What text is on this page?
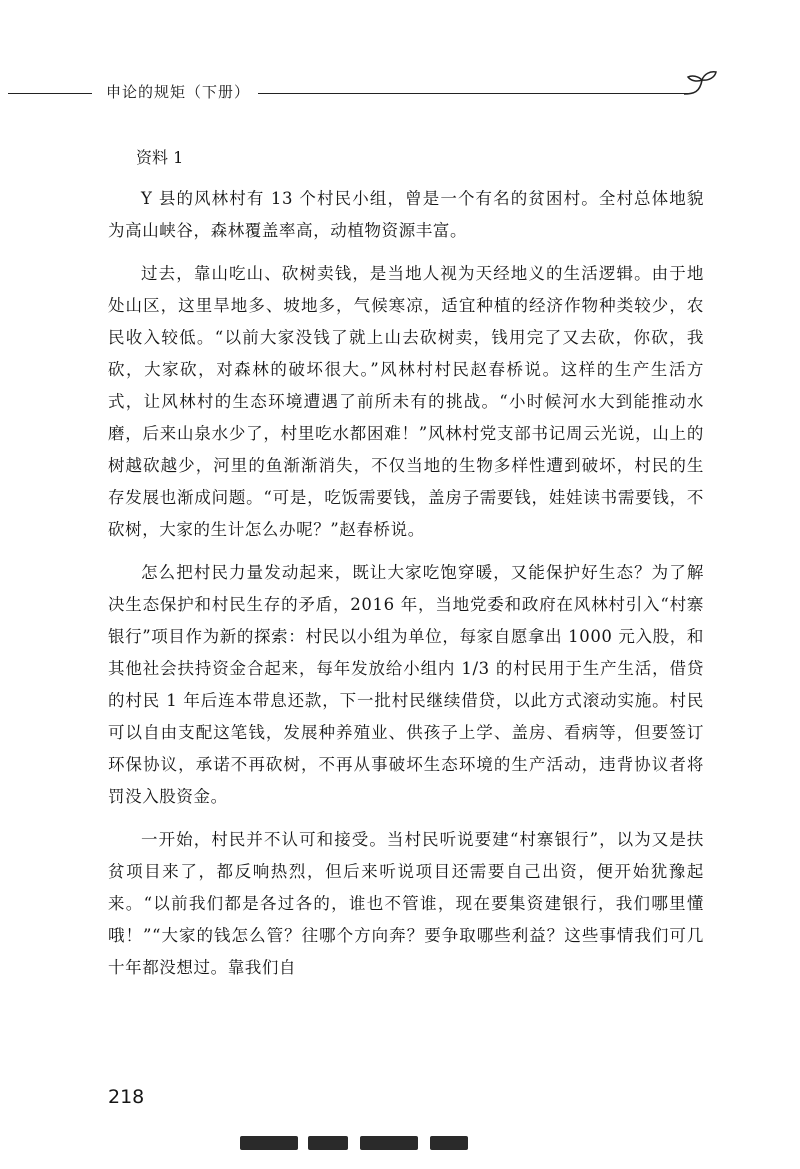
申论的规矩（下册）
资料 1

Y 县的风林村有 13 个村民小组，曾是一个有名的贫困村。全村总体地貌为高山峡谷，森林覆盖率高，动植物资源丰富。

过去，靠山吃山、砍树卖钱，是当地人视为天经地义的生活逻辑。由于地处山区，这里旱地多、坡地多，气候寒凉，适宜种植的经济作物种类较少，农民收入较低。“以前大家没钱了就上山去砍树卖，钱用完了又去砍，你砍，我砍，大家砍，对森林的破坏很大。”风林村村民赵春桥说。这样的生产生活方式，让风林村的生态环境遭遇了前所未有的挑战。“小时候河水大到能推动水磨，后来山泉水少了，村里吃水都困难！”风林村党支部书记周云光说，山上的树越砍越少，河里的鱼渐渐消失，不仅当地的生物多样性遭到破坏，村民的生存发展也渐成问题。“可是，吃饭需要钱，盖房子需要钱，娃娃读书需要钱，不砍树，大家的生计怎么办呢？”赵春桥说。

怎么把村民力量发动起来，既让大家吃饱穿暖，又能保护好生态？为了解决生态保护和村民生存的矛盾，2016 年，当地党委和政府在风林村引入“村寨银行”项目作为新的探索：村民以小组为单位，每家自愿拿出 1000 元入股，和其他社会扶持资金合起来，每年发放给小组内 1/3 的村民用于生产生活，借贷的村民 1 年后连本带息还款，下一批村民继续借贷，以此方式滚动实施。村民可以自由支配这笔钱，发展种养殖业、供孩子上学、盖房、看病等，但要签订环保协议，承诺不再砍树，不再从事破坏生态环境的生产活动，违背协议者将罚没入股资金。

一开始，村民并不认可和接受。当村民听说要建“村寨银行”，以为又是扶贫项目来了，都反响热烈，但后来听说项目还需要自己出资，便开始犹豫起来。“以前我们都是各过各的，谁也不管谁，现在要集资建银行，我们哪里懂哦！”“大家的钱怎么管？往哪个方向奔？要争取哪些利益？这些事情我们可几十年都没想过。靠我们自

218
